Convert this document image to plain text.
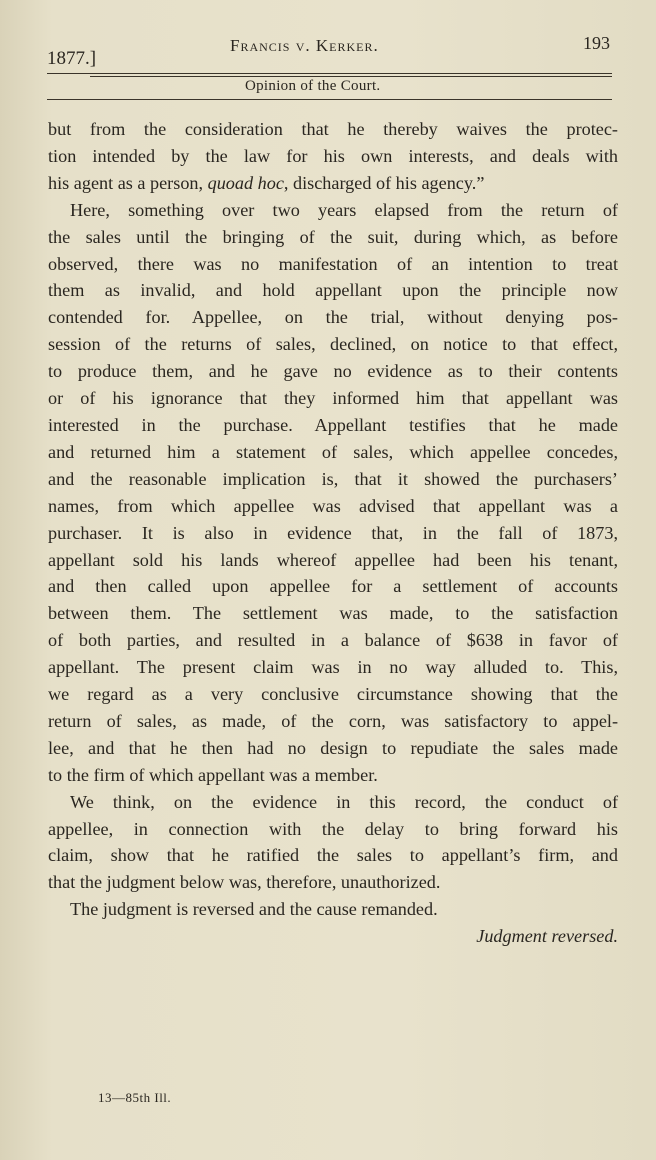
1877.]
Francis v. Kerker.	193
Opinion of the Court.
but from the consideration that he thereby waives the protec-
tion intended by the law for his own interests, and deals with
his agent as a person, quoad hoc, discharged of his agency.”
Here, something over two years elapsed from the return of
the sales until the bringing of the suit, during which, as before
observed, there was no manifestation of an intention to treat
them as invalid, and hold appellant upon the principle now
contended for. Appellee, on the trial, without denying pos-
session of the returns of sales, declined, on notice to that effect,
to produce them, and he gave no evidence as to their contents
or of his ignorance that they informed him that appellant was
interested in the purchase. Appellant testifies that he made
and returned him a statement of sales, which appellee concedes,
and the reasonable implication is, that it showed the purchasers’
names, from which appellee was advised that appellant was a
purchaser. It is also in evidence that, in the fall of 1873,
appellant sold his lands whereof appellee had been his tenant,
and then called upon appellee for a settlement of accounts
between them. The settlement was made, to the satisfaction
of both parties, and resulted in a balance of $638 in favor of
appellant. The present claim was in no way alluded to. This,
we regard as a very conclusive circumstance showing that the
return of sales, as made, of the corn, was satisfactory to appel-
lee, and that he then had no design to repudiate the sales made
to the firm of which appellant was a member.
We think, on the evidence in this record, the conduct of
appellee, in connection with the delay to bring forward his
claim, show that he ratified the sales to appellant’s firm, and
that the judgment below was, therefore, unauthorized.
The judgment is reversed and the cause remanded.
Judgment reversed.
13—85th Ill.
